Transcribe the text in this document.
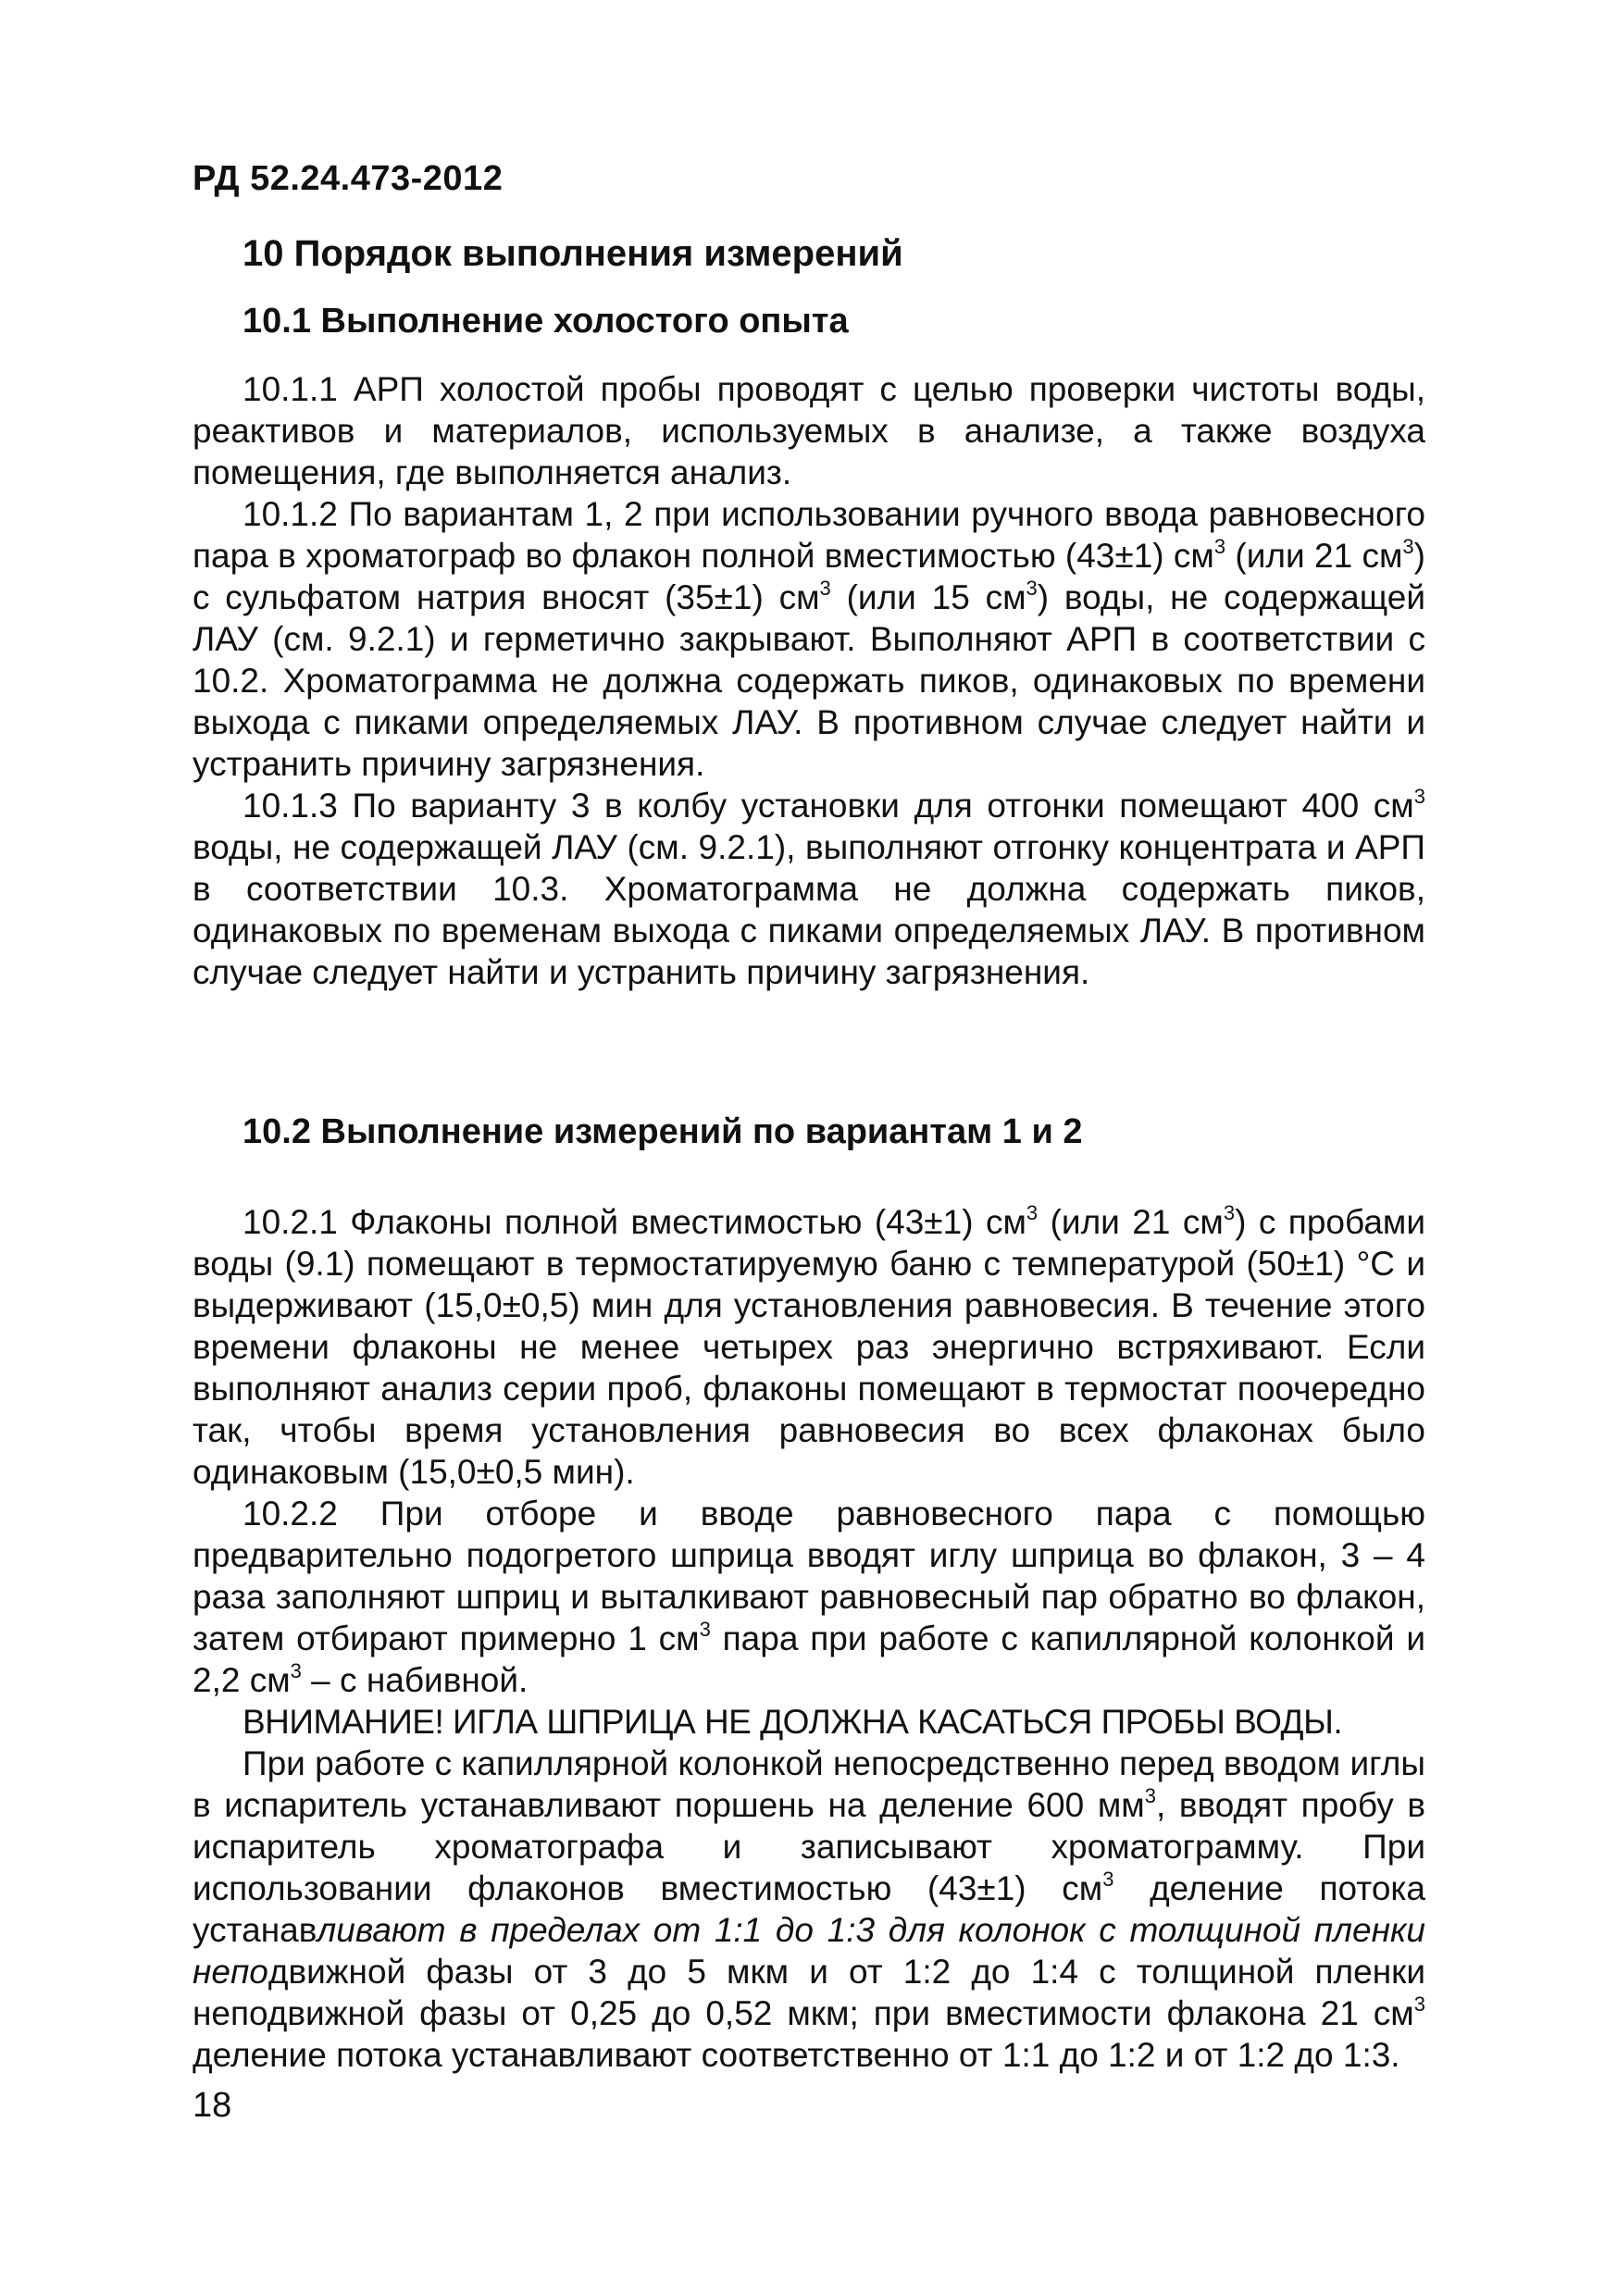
РД 52.24.473-2012
10 Порядок выполнения измерений
10.1 Выполнение холостого опыта

10.1.1 АРП холостой пробы проводят с целью проверки чистоты воды, реактивов и материалов, используемых в анализе, а также воздуха помещения, где выполняется анализ.

10.1.2 По вариантам 1, 2 при использовании ручного ввода равновесного пара в хроматограф во флакон полной вместимостью (43±1) $см^3$ (или 21 $см^3$) с сульфатом натрия вносят (35±1) $см^3$ (или 15 $см^3$) воды, не содержащей ЛАУ (см. 9.2.1) и герметично закрывают. Выполняют АРП в соответствии с 10.2. Хроматограмма не должна содержать пиков, одинаковых по времени выхода с пиками определяемых ЛАУ. В противном случае следует найти и устранить причину загрязнения.

10.1.3 По варианту 3 в колбу установки для отгонки помещают 400 $см^3$ воды, не содержащей ЛАУ (см. 9.2.1), выполняют отгонку концентрата и АРП в соответствии 10.3. Хроматограмма не должна содержать пиков, одинаковых по временам выхода с пиками определяемых ЛАУ. В противном случае следует найти и устранить причину загрязнения.

10.2 Выполнение измерений по вариантам 1 и 2

10.2.1 Флаконы полной вместимостью (43±1) $см^3$ (или 21 $см^3$) с пробами воды (9.1) помещают в термостатируемую баню с температурой (50±1) °С и выдерживают (15,0±0,5) мин для установления равновесия. В течение этого времени флаконы не менее четырех раз энергично встряхивают. Если выполняют анализ серии проб, флаконы помещают в термостат поочередно так, чтобы время установления равновесия во всех флаконах было одинаковым (15,0±0,5 мин).

10.2.2 При отборе и вводе равновесного пара с помощью предварительно подогретого шприца вводят иглу шприца во флакон, 3 – 4 раза заполняют шприц и выталкивают равновесный пар обратно во флакон, затем отбирают примерно 1 $см^3$ пара при работе с капиллярной колонкой и 2,2 $см^3$ – с набивной.

ВНИМАНИЕ! ИГЛА ШПРИЦА НЕ ДОЛЖНА КАСАТЬСЯ ПРОБЫ ВОДЫ.

При работе с капиллярной колонкой непосредственно перед вводом иглы в испаритель устанавливают поршень на деление 600 $мм^3$, вводят пробу в испаритель хроматографа и записывают хроматограмму. При использовании флаконов вместимостью (43±1) $см^3$ деление потока устанавливают в пределах от 1:1 до 1:3 для колонок с толщиной пленки неподвижной фазы от 3 до 5 мкм и от 1:2 до 1:4 с толщиной пленки неподвижной фазы от 0,25 до 0,52 мкм; при вместимости флакона 21 $см^3$ деление потока устанавливают соответственно от 1:1 до 1:2 и от 1:2 до 1:3.

18
